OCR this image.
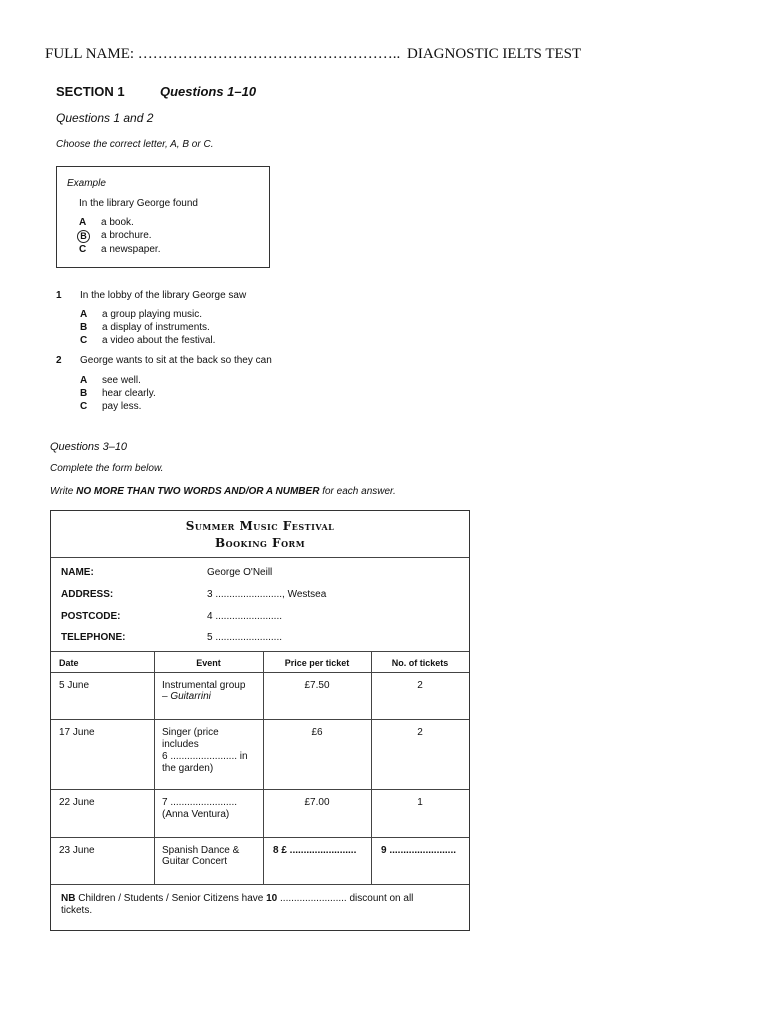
FULL NAME: …………………………………………….. DIAGNOSTIC IELTS TEST
SECTION 1	Questions 1–10
Questions 1 and 2
Choose the correct letter, A, B or C.
Example
In the library George found
A a book.
B	a brochure.
C a newspaper.
1 In the lobby of the library George saw
A a group playing music.
B a display of instruments.
C a video about the festival.
2 George wants to sit at the back so they can
A see well.
B hear clearly.
C pay less.
Questions 3–10
Complete the form below.
Write NO MORE THAN TWO WORDS AND/OR A NUMBER for each answer.
Summer Music Festival
Booking Form
NAME:	George O'Neill
ADDRESS:	3 ........................, Westsea
POSTCODE:	4 ........................
TELEPHONE:	5 ........................
Date	Event	Price per ticket	No. of tickets
5 June	Instrumental group
– Guitarrini
£7.50	2
17 June	Singer (price
includes
6 ........................ in
the garden)
£6	2
22 June	7 ........................
(Anna Ventura)
£7.00	1
23 June	Spanish Dance &
Guitar Concert
8 £ ........................ 9 ........................
NB Children / Students / Senior Citizens have 10 ........................ discount on all
tickets.
